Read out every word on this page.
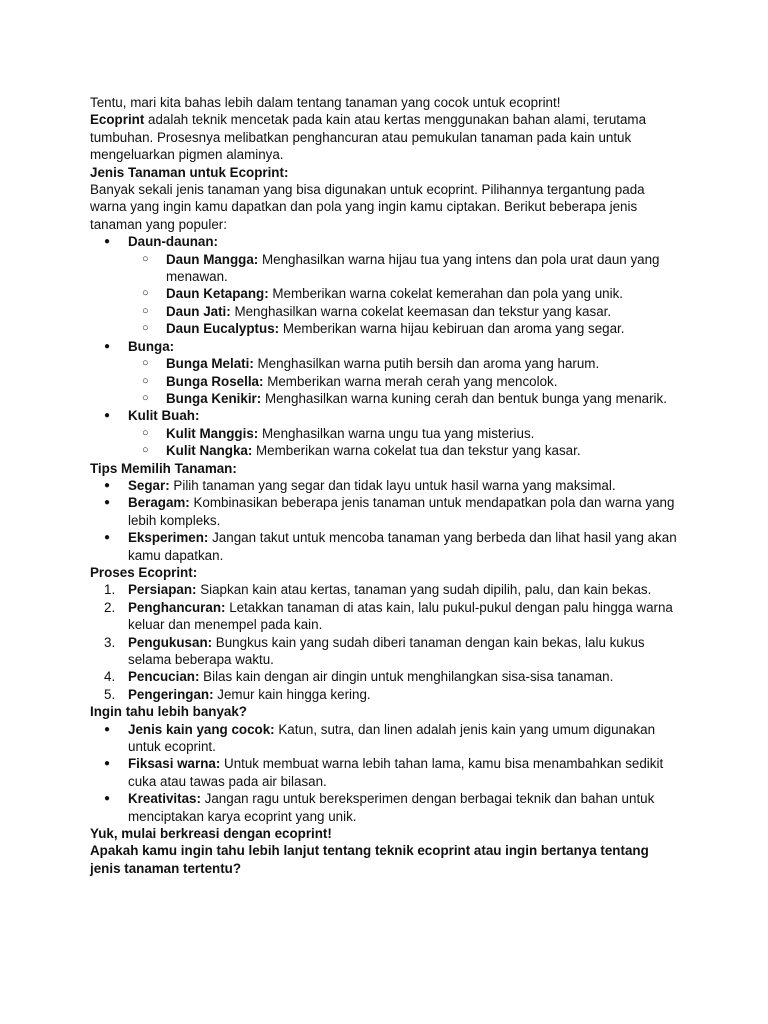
Tentu, mari kita bahas lebih dalam tentang tanaman yang cocok untuk ecoprint!

Ecoprint adalah teknik mencetak pada kain atau kertas menggunakan bahan alami, terutama tumbuhan. Prosesnya melibatkan penghancuran atau pemukulan tanaman pada kain untuk mengeluarkan pigmen alaminya.

Jenis Tanaman untuk Ecoprint:

Banyak sekali jenis tanaman yang bisa digunakan untuk ecoprint. Pilihannya tergantung pada warna yang ingin kamu dapatkan dan pola yang ingin kamu ciptakan. Berikut beberapa jenis tanaman yang populer:

● Daun-daunan:
○ Daun Mangga: Menghasilkan warna hijau tua yang intens dan pola urat daun yang menawan.
○ Daun Ketapang: Memberikan warna cokelat kemerahan dan pola yang unik.
○ Daun Jati: Menghasilkan warna cokelat keemasan dan tekstur yang kasar.
○ Daun Eucalyptus: Memberikan warna hijau kebiruan dan aroma yang segar.
● Bunga:
○ Bunga Melati: Menghasilkan warna putih bersih dan aroma yang harum.
○ Bunga Rosella: Memberikan warna merah cerah yang mencolok.
○ Bunga Kenikir: Menghasilkan warna kuning cerah dan bentuk bunga yang menarik.
● Kulit Buah:
○ Kulit Manggis: Menghasilkan warna ungu tua yang misterius.
○ Kulit Nangka: Memberikan warna cokelat tua dan tekstur yang kasar.

Tips Memilih Tanaman:

● Segar: Pilih tanaman yang segar dan tidak layu untuk hasil warna yang maksimal.
● Beragam: Kombinasikan beberapa jenis tanaman untuk mendapatkan pola dan warna yang lebih kompleks.
● Eksperimen: Jangan takut untuk mencoba tanaman yang berbeda dan lihat hasil yang akan kamu dapatkan.

Proses Ecoprint:

Persiapan: Siapkan kain atau kertas, tanaman yang sudah dipilih, palu, dan kain bekas.
Penghancuran: Letakkan tanaman di atas kain, lalu pukul-pukul dengan palu hingga warna keluar dan menempel pada kain.
Pengukusan: Bungkus kain yang sudah diberi tanaman dengan kain bekas, lalu kukus selama beberapa waktu.
Pencucian: Bilas kain dengan air dingin untuk menghilangkan sisa-sisa tanaman.
Pengeringan: Jemur kain hingga kering.

Ingin tahu lebih banyak?

● Jenis kain yang cocok: Katun, sutra, dan linen adalah jenis kain yang umum digunakan untuk ecoprint.
● Fiksasi warna: Untuk membuat warna lebih tahan lama, kamu bisa menambahkan sedikit cuka atau tawas pada air bilasan.
● Kreativitas: Jangan ragu untuk bereksperimen dengan berbagai teknik dan bahan untuk menciptakan karya ecoprint yang unik.

Yuk, mulai berkreasi dengan ecoprint!

Apakah kamu ingin tahu lebih lanjut tentang teknik ecoprint atau ingin bertanya tentang jenis tanaman tertentu?
